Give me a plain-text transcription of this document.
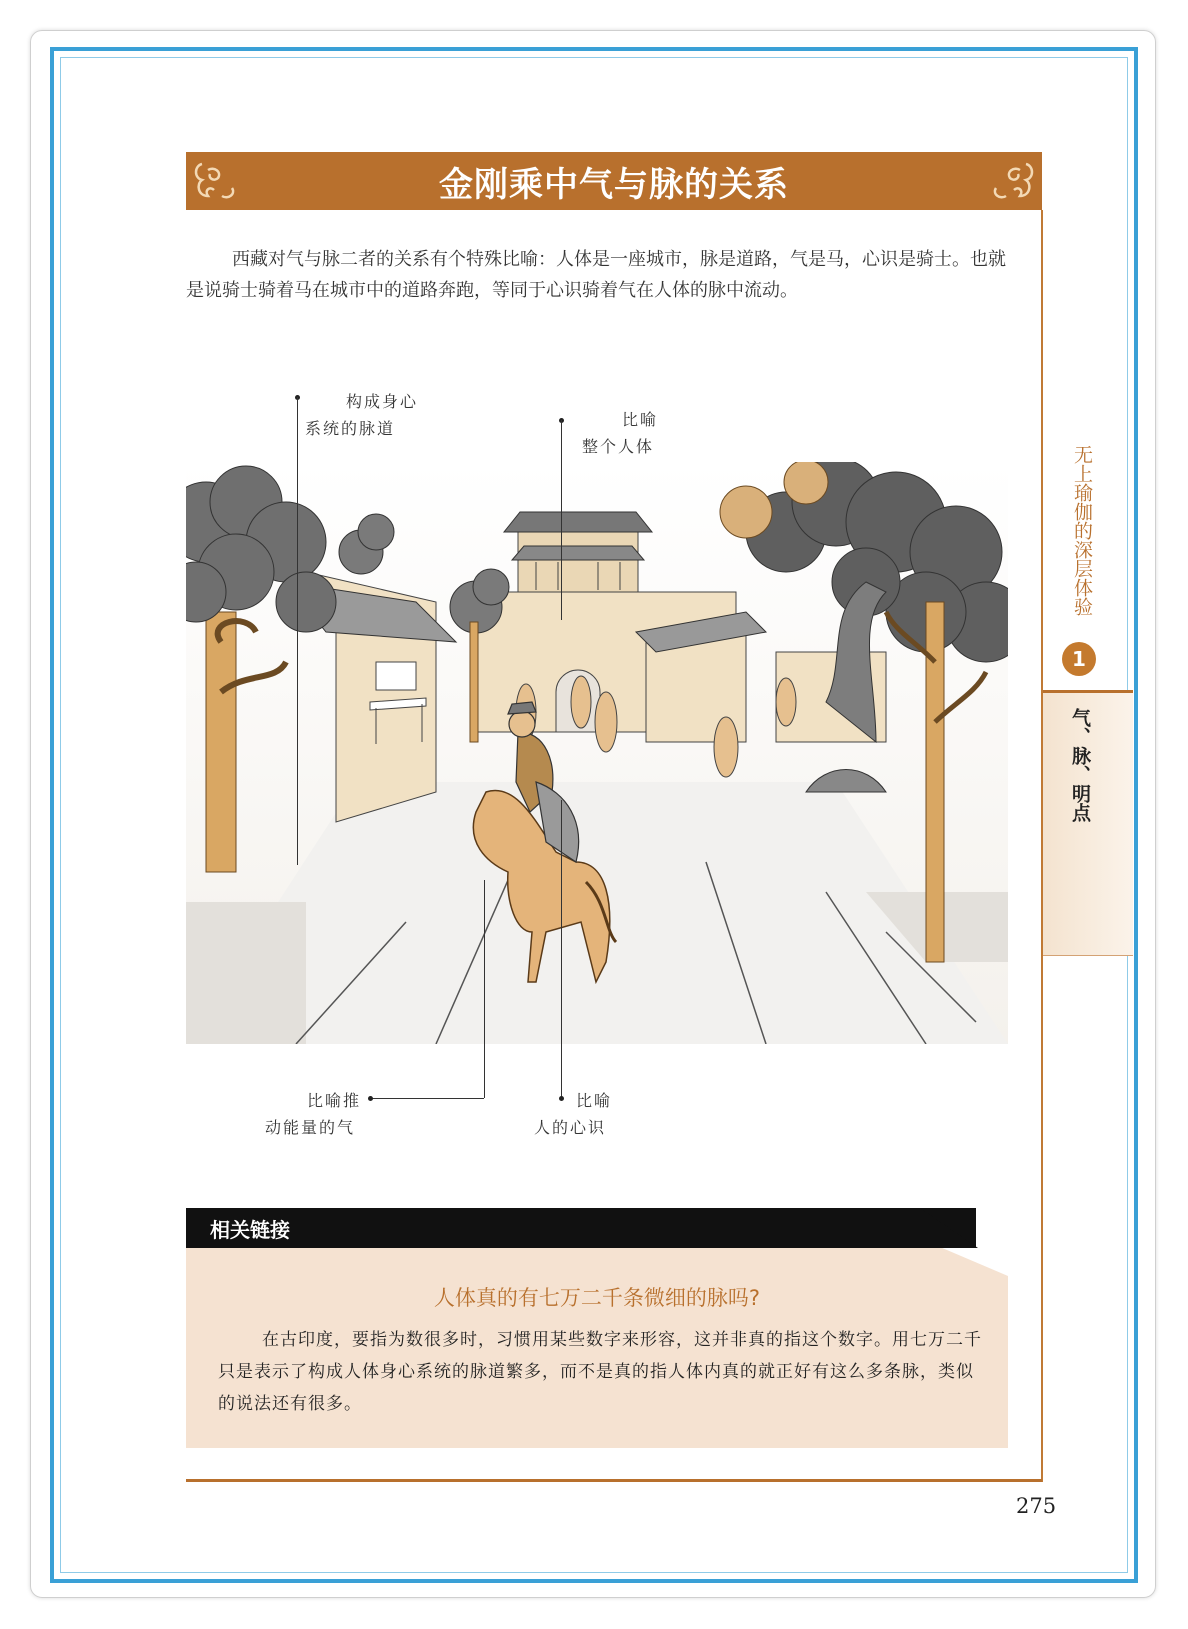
金刚乘中气与脉的关系

西藏对气与脉二者的关系有个特殊比喻：人体是一座城市，脉是道路，气是马，心识是骑士。也就是说骑士骑着马在城市中的道路奔跑，等同于心识骑着气在人体的脉中流动。

无上瑜伽的深层体验
1
气、脉、明点
构成身心
系统的脉道	比喻
整个人体
比喻推
动能量的气
比喻
人的心识
相关链接
人体真的有七万二千条微细的脉吗?

在古印度，要指为数很多时，习惯用某些数字来形容，这并非真的指这个数字。用七万二千只是表示了构成人体身心系统的脉道繁多，而不是真的指人体内真的就正好有这么多条脉，类似的说法还有很多。

275
